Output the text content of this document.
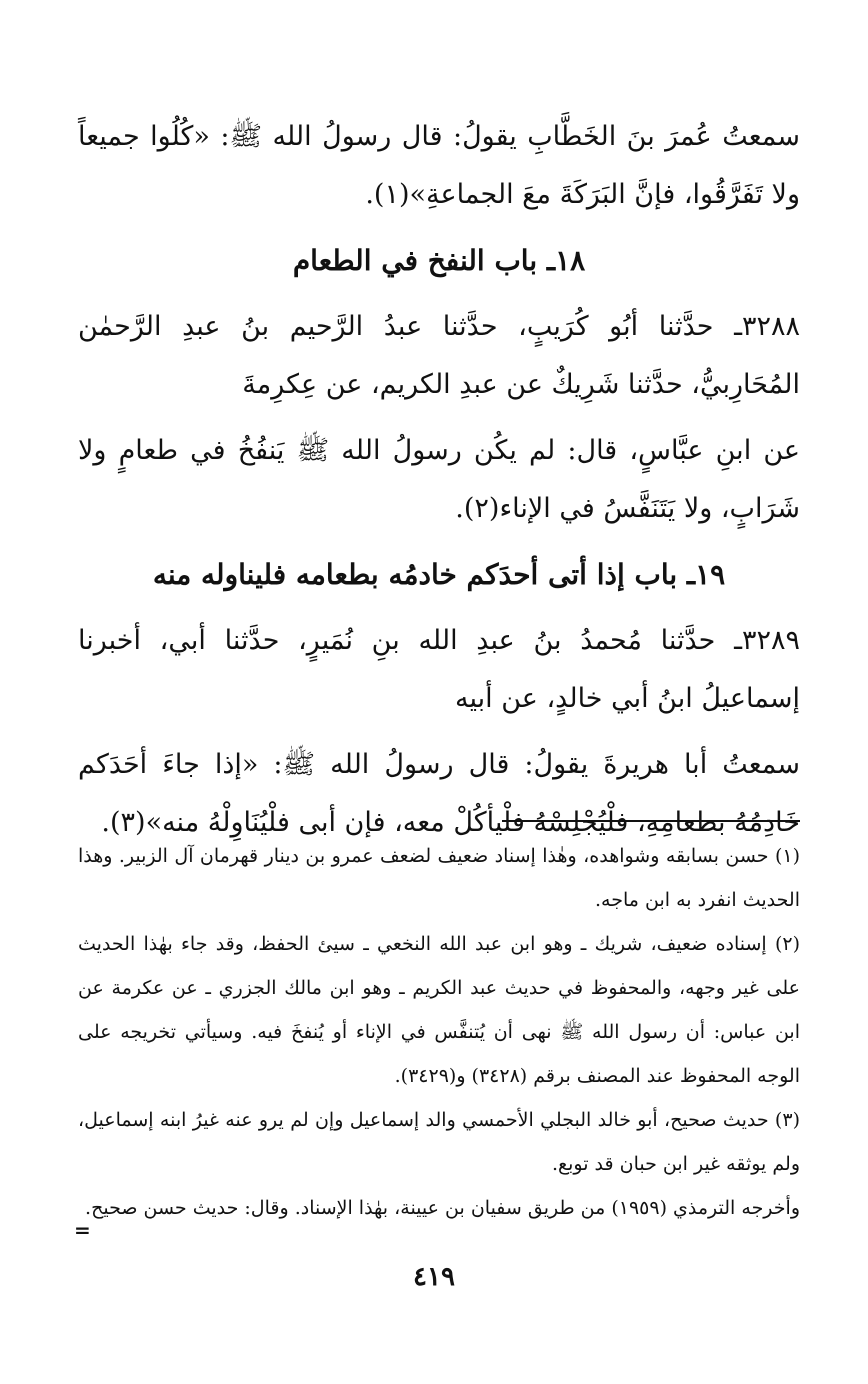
سمعتُ عُمرَ بنَ الخَطَّابِ يقولُ: قال رسولُ الله ﷺ: «كُلُوا جميعاً ولا تَفَرَّقُوا، فإنَّ البَرَكَةَ معَ الجماعةِ»(١).

١٨ـ باب النفخ في الطعام

٣٢٨٨ـ حدَّثنا أبُو كُرَيبٍ، حدَّثنا عبدُ الرَّحيم بنُ عبدِ الرَّحمٰن المُحَارِبيُّ، حدَّثنا شَرِيكٌ عن عبدِ الكريم، عن عِكرِمةَ

عن ابنِ عبَّاسٍ، قال: لم يكُن رسولُ الله ﷺ يَنفُخُ في طعامٍ ولا شَرَابٍ، ولا يَتَنَفَّسُ في الإناء(٢).

١٩ـ باب إذا أتى أحدَكم خادمُه بطعامه فليناوله منه

٣٢٨٩ـ حدَّثنا مُحمدُ بنُ عبدِ الله بنِ نُمَيرٍ، حدَّثنا أبي، أخبرنا إسماعيلُ ابنُ أبي خالدٍ، عن أبيه

سمعتُ أبا هريرةَ يقولُ: قال رسولُ الله ﷺ: «إذا جاءَ أحَدَكم خَادِمُهُ بطعامِهِ، فلْيُجْلِسْهُ فلْيأكُلْ معه، فإن أبى فلْيُنَاوِلْهُ منه»(٣).

(١) حسن بسابقه وشواهده، وهٰذا إسناد ضعيف لضعف عمرو بن دينار قهرمان آل الزبير. وهذا الحديث انفرد به ابن ماجه.

(٢) إسناده ضعيف، شريك ـ وهو ابن عبد الله النخعي ـ سيئ الحفظ، وقد جاء بهٰذا الحديث على غير وجهه، والمحفوظ في حديث عبد الكريم ـ وهو ابن مالك الجزري ـ عن عكرمة عن ابن عباس: أن رسول الله ﷺ نهى أن يُتنفَّس في الإناء أو يُنفخَ فيه. وسيأتي تخريجه على الوجه المحفوظ عند المصنف برقم (٣٤٢٨) و(٣٤٢٩).

(٣) حديث صحيح، أبو خالد البجلي الأحمسي والد إسماعيل وإن لم يرو عنه غيرُ ابنه إسماعيل، ولم يوثقه غير ابن حبان قد توبع.

وأخرجه الترمذي (١٩٥٩) من طريق سفيان بن عيينة، بهٰذا الإسناد. وقال: حديث حسن صحيح.

=
٤١٩
